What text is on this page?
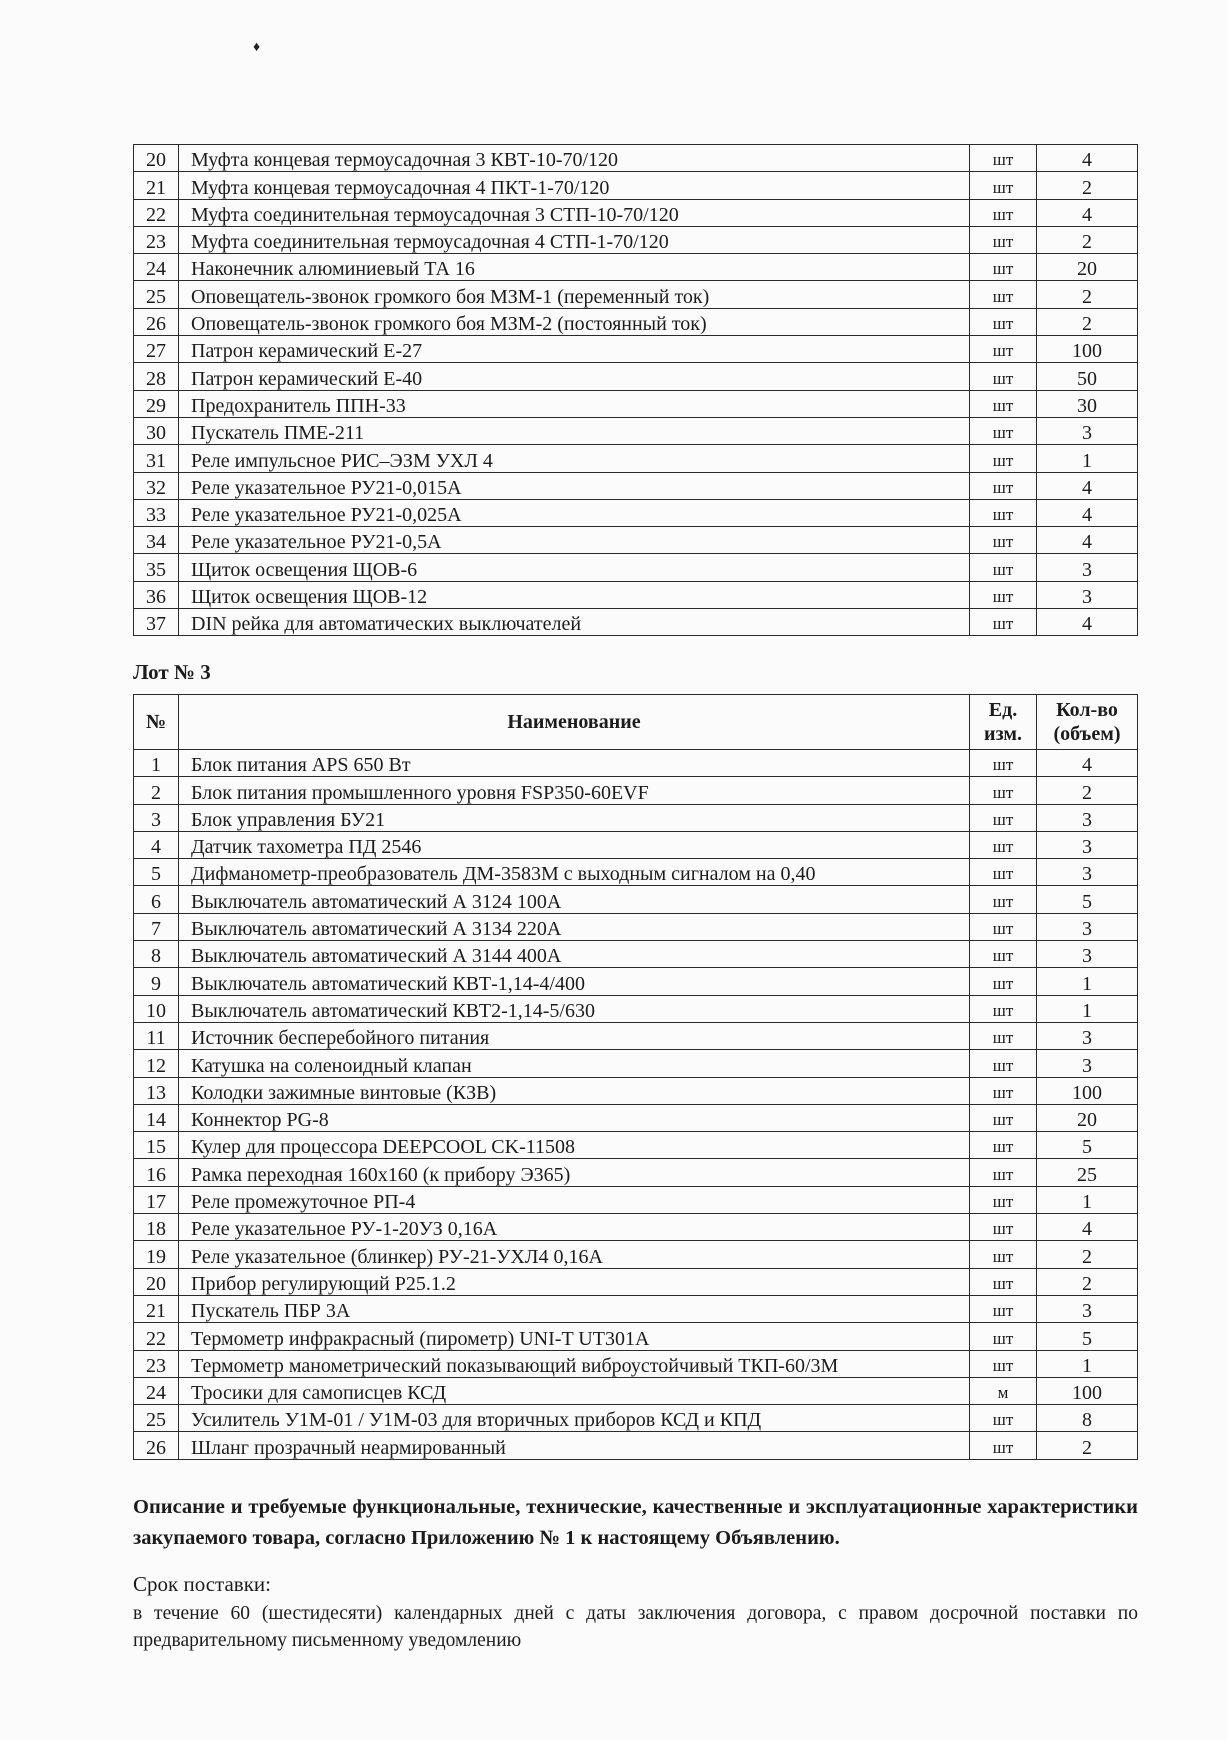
♦
20	Муфта концевая термоусадочная 3 КВТ-10-70/120	шт	4
21	Муфта концевая термоусадочная 4 ПКТ-1-70/120	шт	2
22	Муфта соединительная термоусадочная 3 СТП-10-70/120	шт	4
23	Муфта соединительная термоусадочная 4 СТП-1-70/120	шт	2
24	Наконечник алюминиевый ТА 16	шт	20
25	Оповещатель-звонок громкого боя МЗМ-1 (переменный ток)	шт	2
26	Оповещатель-звонок громкого боя МЗМ-2 (постоянный ток)	шт	2
27	Патрон керамический Е-27	шт	100
28	Патрон керамический Е-40	шт	50
29	Предохранитель ППН-33	шт	30
30	Пускатель ПМЕ-211	шт	3
31	Реле импульсное РИС–ЭЗМ УХЛ 4	шт	1
32	Реле указательное РУ21-0,015А	шт	4
33	Реле указательное РУ21-0,025А	шт	4
34	Реле указательное РУ21-0,5А	шт	4
35	Щиток освещения ЩОВ-6	шт	3
36	Щиток освещения ЩОВ-12	шт	3
37	DIN рейка для автоматических выключателей	шт	4
Лот № 3
№	Наименование	Ед. изм.	Кол-во (объем)
1	Блок питания APS 650 Вт	шт	4
2	Блок питания промышленного уровня FSP350-60EVF	шт	2
3	Блок управления БУ21	шт	3
4	Датчик тахометра ПД 2546	шт	3
5	Дифманометр-преобразователь ДМ-3583М с выходным сигналом на 0,40	шт	3
6	Выключатель автоматический А 3124 100А	шт	5
7	Выключатель автоматический А 3134 220А	шт	3
8	Выключатель автоматический А 3144 400А	шт	3
9	Выключатель автоматический КВТ-1,14-4/400	шт	1
10	Выключатель автоматический КВТ2-1,14-5/630	шт	1
11	Источник бесперебойного питания	шт	3
12	Катушка на соленоидный клапан	шт	3
13	Колодки зажимные винтовые (КЗВ)	шт	100
14	Коннектор PG-8	шт	20
15	Кулер для процессора DEEPCOOL CK-11508	шт	5
16	Рамка переходная 160х160 (к прибору Э365)	шт	25
17	Реле промежуточное РП-4	шт	1
18	Реле указательное РУ-1-20УЗ 0,16А	шт	4
19	Реле указательное (блинкер) РУ-21-УХЛ4 0,16А	шт	2
20	Прибор регулирующий Р25.1.2	шт	2
21	Пускатель ПБР 3А	шт	3
22	Термометр инфракрасный (пирометр) UNI-T UT301A	шт	5
23	Термометр манометрический показывающий виброустойчивый ТКП-60/3М	шт	1
24	Тросики для самописцев КСД	м	100
25	Усилитель У1М-01 / У1М-03 для вторичных приборов КСД и КПД	шт	8
26	Шланг прозрачный неармированный	шт	2
Описание и требуемые функциональные, технические, качественные и эксплуатационные характеристики закупаемого товара, согласно Приложению № 1 к настоящему Объявлению.
Срок поставки:
в течение 60 (шестидесяти) календарных дней с даты заключения договора, с правом досрочной поставки по предварительному письменному уведомлению
